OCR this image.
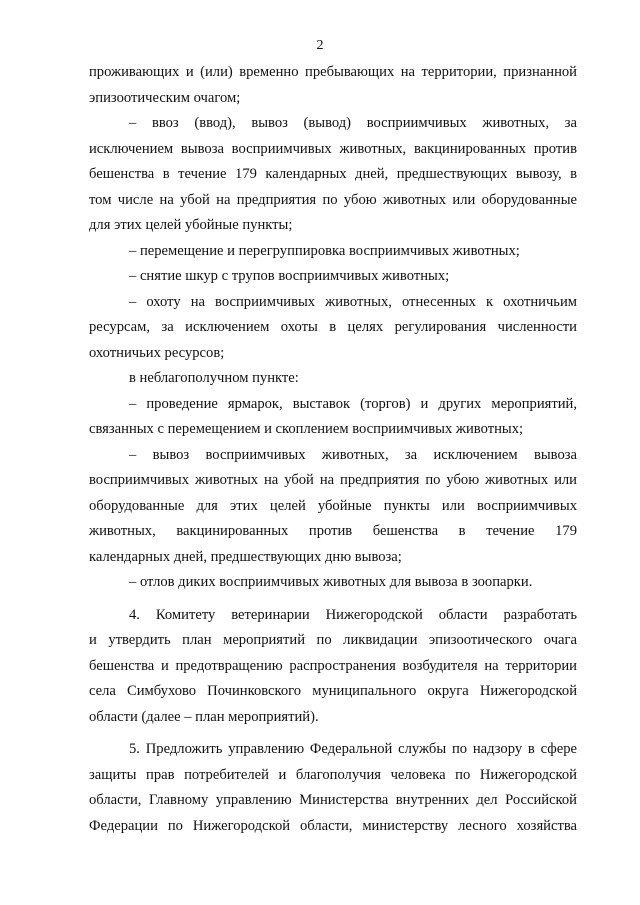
2
проживающих и (или) временно пребывающих на территории, признанной
эпизоотическим очагом;
– ввоз (ввод), вывоз (вывод) восприимчивых животных, за
исключением вывоза восприимчивых животных, вакцинированных против
бешенства в течение 179 календарных дней, предшествующих вывозу, в
том числе на убой на предприятия по убою животных или оборудованные
для этих целей убойные пункты;
– перемещение и перегруппировка восприимчивых животных;
– снятие шкур с трупов восприимчивых животных;
– охоту на восприимчивых животных, отнесенных к охотничьим
ресурсам, за исключением охоты в целях регулирования численности
охотничьих ресурсов;
в неблагополучном пункте:
– проведение ярмарок, выставок (торгов) и других мероприятий,
связанных с перемещением и скоплением восприимчивых животных;
– вывоз восприимчивых животных, за исключением вывоза
восприимчивых животных на убой на предприятия по убою животных или
оборудованные для этих целей убойные пункты или восприимчивых
животных, вакцинированных против бешенства в течение 179
календарных дней, предшествующих дню вывоза;
– отлов диких восприимчивых животных для вывоза в зоопарки.
4. Комитету ветеринарии Нижегородской области разработать
и утвердить план мероприятий по ликвидации эпизоотического очага
бешенства и предотвращению распространения возбудителя на территории
села Симбухово Починковского муниципального округа Нижегородской
области (далее – план мероприятий).
5. Предложить управлению Федеральной службы по надзору в сфере
защиты прав потребителей и благополучия человека по Нижегородской
области, Главному управлению Министерства внутренних дел Российской
Федерации по Нижегородской области, министерству лесного хозяйства
